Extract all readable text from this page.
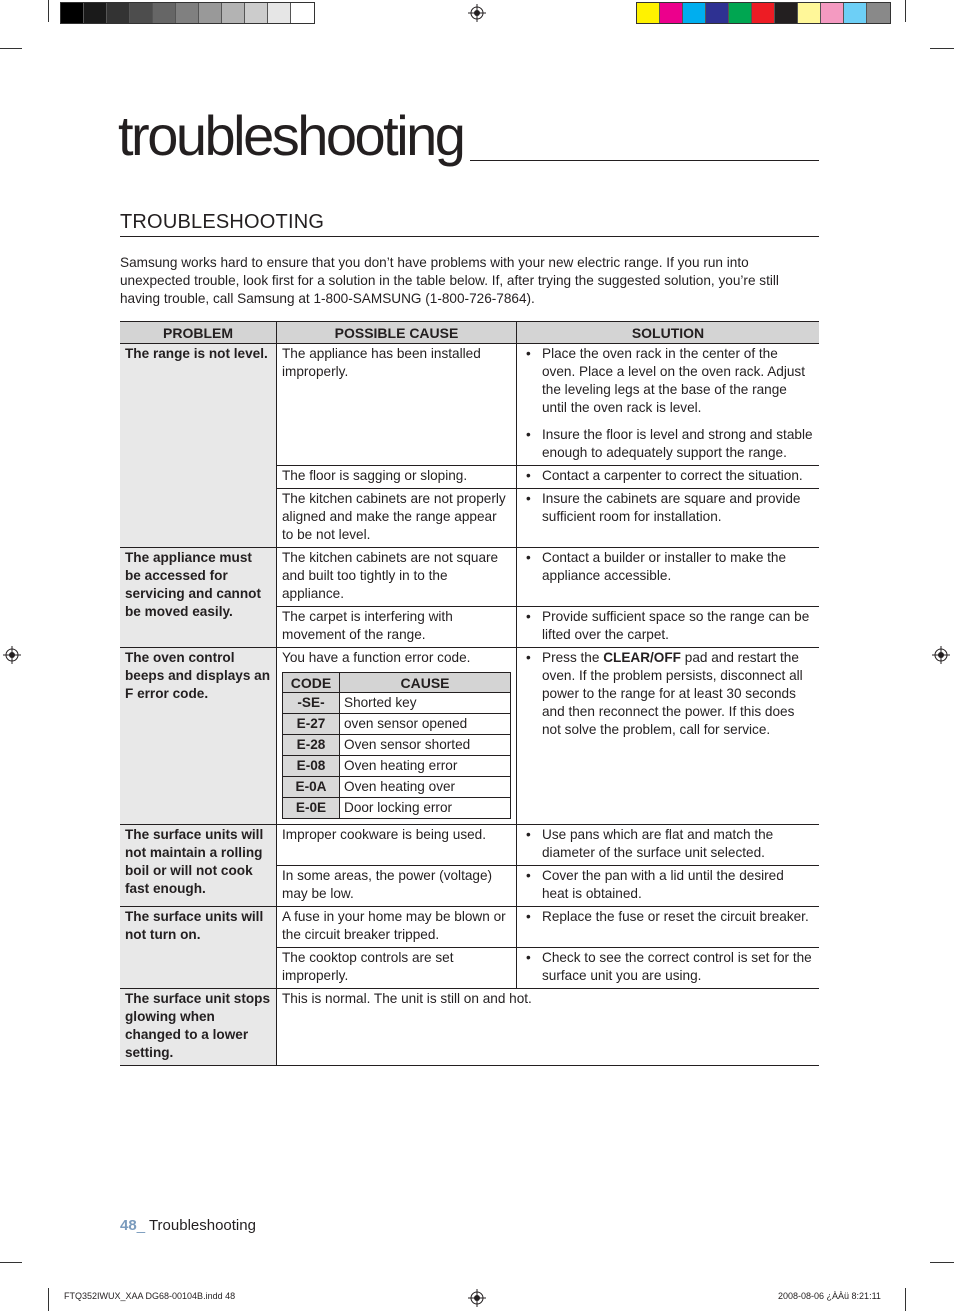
troubleshooting
TROUBLESHOOTING

Samsung works hard to ensure that you don’t have problems with your new electric range. If you run into unexpected trouble, look first for a solution in the table below. If, after trying the suggested solution, you’re still having trouble, call Samsung at 1-800-SAMSUNG (1-800-726-7864).

PROBLEM	POSSIBLE CAUSE	SOLUTION
The range is not level.	The appliance has been installed improperly.	
• Place the oven rack in the center of the oven. Place a level on the oven rack. Adjust the leveling legs at the base of the range until the oven rack is level.
• Insure the floor is level and strong and stable enough to adequately support the range.

The floor is sagging or sloping.	
•Contact a carpenter to correct the situation.

The kitchen cabinets are not properly aligned and make the range appear to be not level.	
• Insure the cabinets are square and provide sufficient room for installation.

The appliance must be accessed for servicing and cannot be moved easily.	The kitchen cabinets are not square and built too tightly in to the appliance.	
• Contact a builder or installer to make the appliance accessible.

The carpet is interfering with movement of the range.	
• Provide sufficient space so the range can be lifted over the carpet.

The oven control beeps and displays an F error code.	
You have a function error code.
CODE	CAUSE
-SE-	Shorted key
E-27	oven sensor opened
E-28	Oven sensor shorted
E-08	Oven heating error
E-0A	Oven heating over
E-0E	Door locking error

• Press the CLEAR/OFF pad and restart the oven. If the problem persists, disconnect all power to the range for at least 30 seconds and then reconnect the power. If this does not solve the problem, call for service.

The surface units will not maintain a rolling boil or will not cook fast enough.	Improper cookware is being used.	
•Use pans which are flat and match the diameter of the surface unit selected.

In some areas, the power (voltage) may be low.	
• Cover the pan with a lid until the desired heat is obtained.

The surface units will not turn on.	A fuse in your home may be blown or the circuit breaker tripped.	
• Replace the fuse or reset the circuit breaker.

The cooktop controls are set improperly.	
• Check to see the correct control is set for the surface unit you are using.

The surface unit stops glowing when changed to a lower setting.	This is normal. The unit is still on and hot.

48_ Troubleshooting

FTQ352IWUX_XAA DG68-00104B.indd 48	2008-08-06 ¿ÀÀü 8:21:11
